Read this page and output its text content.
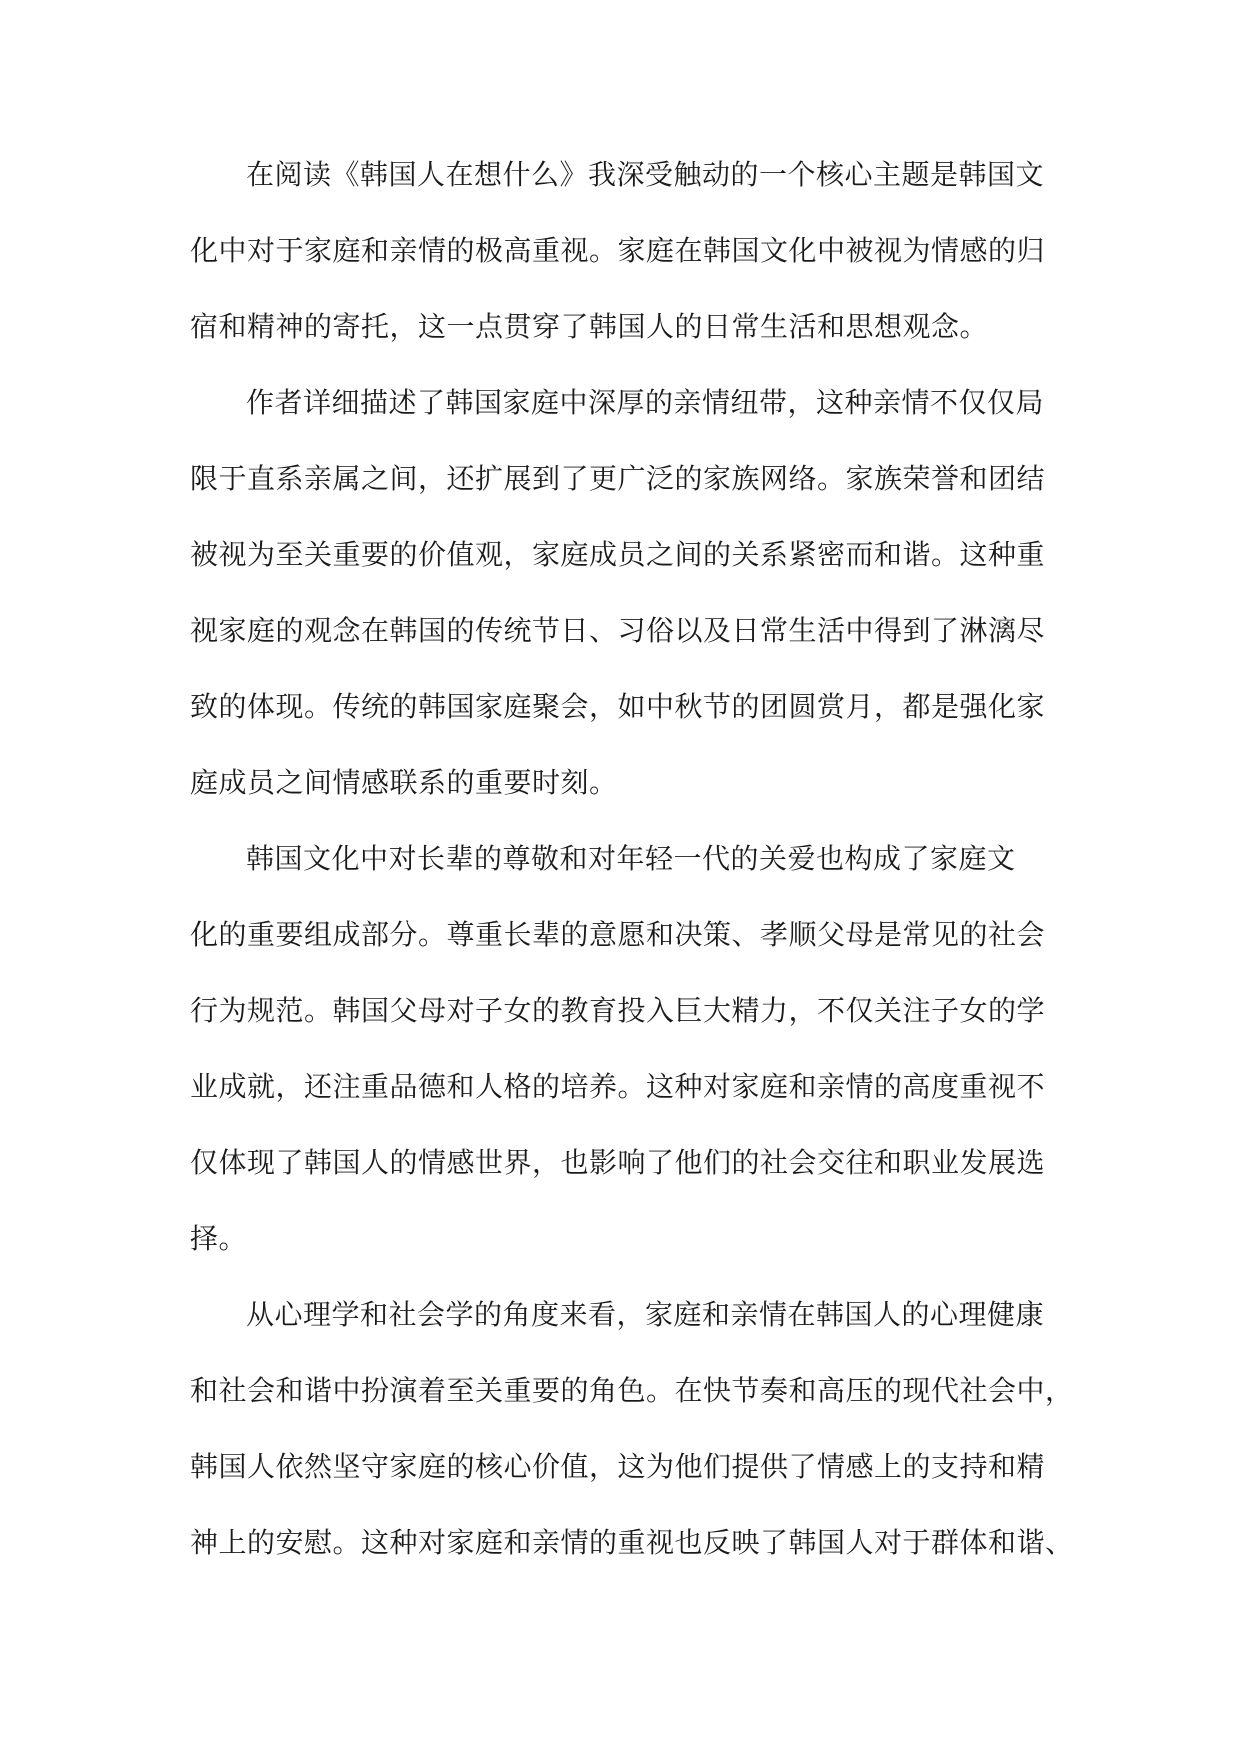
在阅读《韩国人在想什么》我深受触动的一个核心主题是韩国文
化中对于家庭和亲情的极高重视。家庭在韩国文化中被视为情感的归
宿和精神的寄托，这一点贯穿了韩国人的日常生活和思想观念。
作者详细描述了韩国家庭中深厚的亲情纽带，这种亲情不仅仅局
限于直系亲属之间，还扩展到了更广泛的家族网络。家族荣誉和团结
被视为至关重要的价值观，家庭成员之间的关系紧密而和谐。这种重
视家庭的观念在韩国的传统节日、习俗以及日常生活中得到了淋漓尽
致的体现。传统的韩国家庭聚会，如中秋节的团圆赏月，都是强化家
庭成员之间情感联系的重要时刻。
韩国文化中对长辈的尊敬和对年轻一代的关爱也构成了家庭文
化的重要组成部分。尊重长辈的意愿和决策、孝顺父母是常见的社会
行为规范。韩国父母对子女的教育投入巨大精力，不仅关注子女的学
业成就，还注重品德和人格的培养。这种对家庭和亲情的高度重视不
仅体现了韩国人的情感世界，也影响了他们的社会交往和职业发展选
择。
从心理学和社会学的角度来看，家庭和亲情在韩国人的心理健康
和社会和谐中扮演着至关重要的角色。在快节奏和高压的现代社会中，
韩国人依然坚守家庭的核心价值，这为他们提供了情感上的支持和精
神上的安慰。这种对家庭和亲情的重视也反映了韩国人对于群体和谐、
